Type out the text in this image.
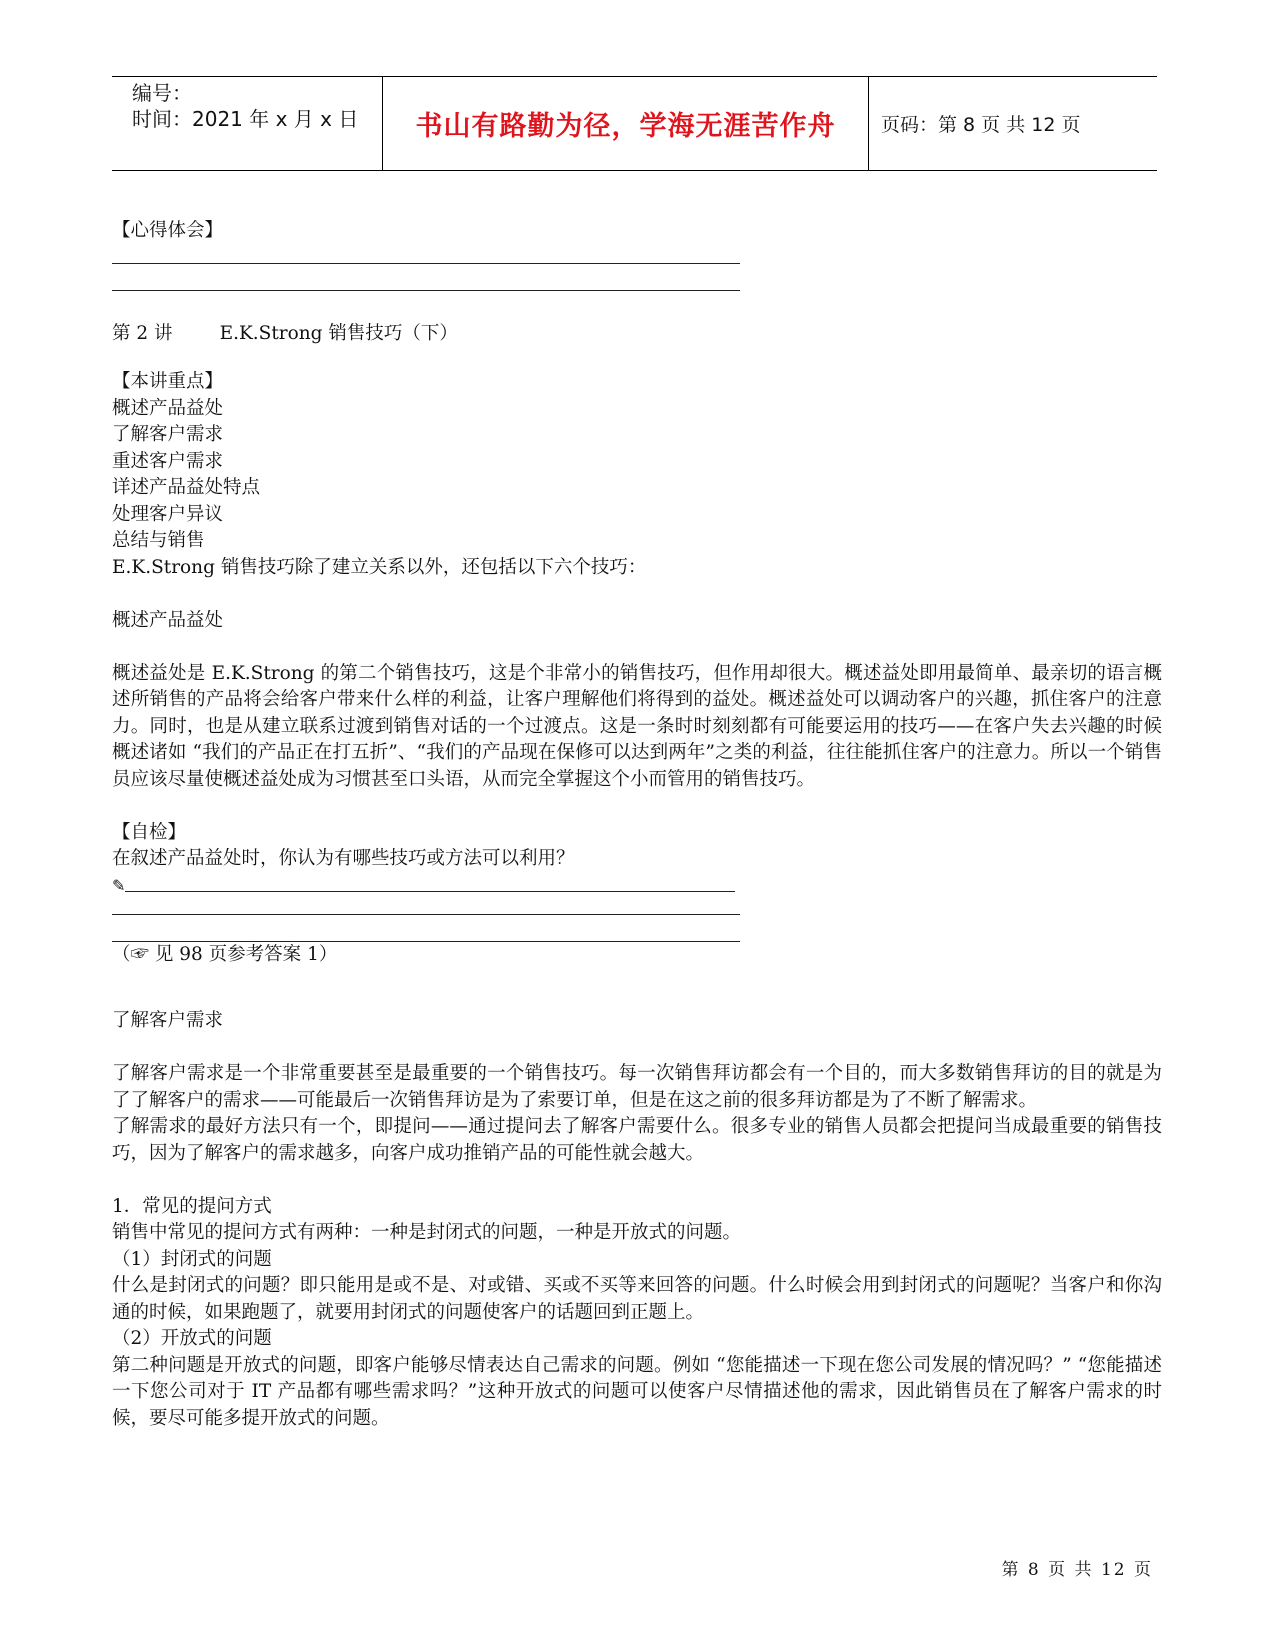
编号：
时间：2021 年 x 月 x 日	书山有路勤为径，学海无涯苦作舟 页码：第 8 页 共 12 页
【心得体会】
第 2 讲        E.K.Strong 销售技巧（下）
【本讲重点】
概述产品益处
了解客户需求
重述客户需求
详述产品益处特点
处理客户异议
总结与销售
E.K.Strong 销售技巧除了建立关系以外，还包括以下六个技巧：
概述产品益处
概述益处是 E.K.Strong 的第二个销售技巧，这是个非常小的销售技巧，但作用却很大。概述益处即用最简单、最亲切的语言概述所销售的产品将会给客户带来什么样的利益，让客户理解他们将得到的益处。概述益处可以调动客户的兴趣，抓住客户的注意力。同时，也是从建立联系过渡到销售对话的一个过渡点。这是一条时时刻刻都有可能要运用的技巧——在客户失去兴趣的时候概述诸如 “我们的产品正在打五折”、“我们的产品现在保修可以达到两年”之类的利益，往往能抓住客户的注意力。所以一个销售员应该尽量使概述益处成为习惯甚至口头语，从而完全掌握这个小而管用的销售技巧。
【自检】
在叙述产品益处时，你认为有哪些技巧或方法可以利用？
✎
（☞ 见 98 页参考答案 1）
了解客户需求
了解客户需求是一个非常重要甚至是最重要的一个销售技巧。每一次销售拜访都会有一个目的，而大多数销售拜访的目的就是为了了解客户的需求——可能最后一次销售拜访是为了索要订单，但是在这之前的很多拜访都是为了不断了解需求。
了解需求的最好方法只有一个，即提问——通过提问去了解客户需要什么。很多专业的销售人员都会把提问当成最重要的销售技巧，因为了解客户的需求越多，向客户成功推销产品的可能性就会越大。
1．常见的提问方式
销售中常见的提问方式有两种：一种是封闭式的问题，一种是开放式的问题。
（1）封闭式的问题
什么是封闭式的问题？即只能用是或不是、对或错、买或不买等来回答的问题。什么时候会用到封闭式的问题呢？当客户和你沟通的时候，如果跑题了，就要用封闭式的问题使客户的话题回到正题上。
（2）开放式的问题
第二种问题是开放式的问题，即客户能够尽情表达自己需求的问题。例如 “您能描述一下现在您公司发展的情况吗？” “您能描述一下您公司对于 IT 产品都有哪些需求吗？”这种开放式的问题可以使客户尽情描述他的需求，因此销售员在了解客户需求的时候，要尽可能多提开放式的问题。
第 8 页 共 12 页
